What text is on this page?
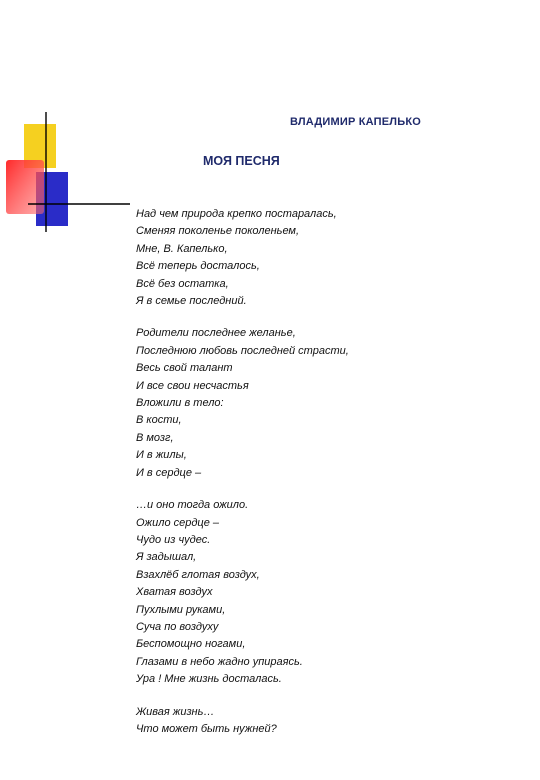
ВЛАДИМИР КАПЕЛЬКО
МОЯ ПЕСНЯ
Над чем природа крепко постаралась,
Сменяя поколенье поколеньем,
Мне, В. Капелько,
Всё теперь досталось,
Всё без остатка,
Я в семье последний.
Родители последнее желанье,
Последнюю любовь последней страсти,
Весь свой талант
И все свои несчастья
Вложили в тело:
В кости,
В мозг,
И в жилы,
И в сердце –
…и оно тогда ожило.
Ожило сердце –
Чудо из чудес.
Я задышал,
Взахлёб глотая воздух,
Хватая воздух
Пухлыми руками,
Суча по воздуху
Беспомощно ногами,
Глазами в небо жадно упираясь.
Ура ! Мне жизнь досталась.
Живая жизнь…
Что может быть нужней?
